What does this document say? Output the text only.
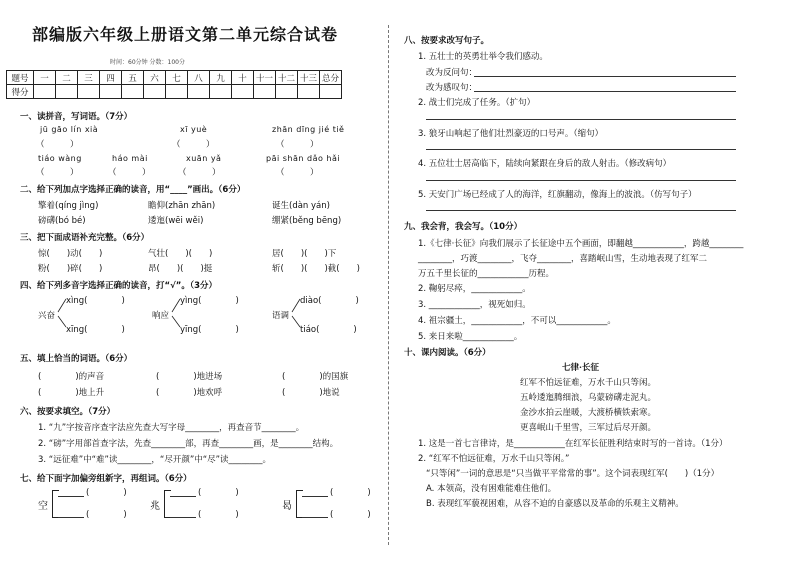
部编版六年级上册语文第二单元综合试卷
时间：60分钟 分数：100分
题号	一	二	三	四	五	六	七	八	九	十	十一	十二	十三	总分
得分														
一、读拼音，写词语。（7分）
jū gāo lín xià	xī yuè	zhān dīng jié tiě
（　　　）	（　　　）	（　　　）
tiáo wàng	háo mài	xuān yǎ	pāi shān dǎo hǎi
（　　　）	（　　　）	（　　　）	（　　　）
二、给下列加点字选择正确的读音，用“____”画出。（6分）
擎着(qíng jìng)	瞻仰(zhān zhān)	诞生(dàn yán)
磅礴(bó bé)	逶迤(wēi wěi)	绷紧(běng bēng)
三、把下面成语补充完整。（6分）
惊(　　)动(　　)	气壮(　　)(　　)	居(　　)(　　)下
粉(　　)碎(　　)	昂(　　)(　　)挺	斩(　　)(　　)截(　　)
四、给下列多音字选择正确的读音，打“√”。（3分）
xìng(　　　　)
兴奋
xīng(　　　　)
yìng(　　　　)
响应
yīng(　　　　)
diào(　　　　)
语调
tiáo(　　　　)
五、填上恰当的词语。（6分）
(　　　　)的声音	(　　　　)地进场	(　　　　)的国旗
(　　　　)地上升	(　　　　)地欢呼	(　　　　)地说
六、按要求填空。（7分）
1. “九”字按音序查字法应先查大写字母________，再查音节________。
2. “磅”字用部首查字法，先查________部，再查________画，是________结构。
3. “远征难”中“难”读________，“尽开颜”中“尽”读________。
七、给下面字加偏旁组新字，再组词。（6分）
空
(　　　　)
(　　　　)
兆
(　　　　)
(　　　　)
曷
(　　　　)
(　　　　)
八、按要求改写句子。
1. 五壮士的英勇壮举令我们感动。
改为反问句：
改为感叹句：
2. 战士们完成了任务。（扩句）
3. 狼牙山响起了他们壮烈豪迈的口号声。（缩句）
4. 五位壮士居高临下，陆续向紧跟在身后的敌人射击。（修改病句）
5. 天安门广场已经成了人的海洋，红旗翻动，像海上的波浪。（仿写句子）
九、我会背，我会写。（10分）
1.《七律·长征》向我们展示了长征途中五个画面，即翻越____________，跨越________
________，巧渡________，飞夺________，喜踏岷山雪，生动地表现了红军二
万五千里长征的____________历程。
2. 鞠躬尽瘁，____________。
3. ____________，视死如归。
4. 祖宗疆土，____________，不可以____________。
5. 来日来啦____________。
十、课内阅读。（6分）
七律·长征
红军不怕远征难，万水千山只等闲。
五岭逶迤腾细浪，乌蒙磅礴走泥丸。
金沙水拍云崖暖，大渡桥横铁索寒。
更喜岷山千里雪，三军过后尽开颜。
1. 这是一首七言律诗，是____________在红军长征胜利结束时写的一首诗。（1分）
2. “红军不怕远征难，万水千山只等闲。”
“只等闲”一词的意思是“只当做平平常常的事”。这个词表现红军(　　)（1分）
A. 本领高，没有困难能难住他们。
B. 表现红军藐视困难，从容不迫的自豪感以及革命的乐观主义精神。
